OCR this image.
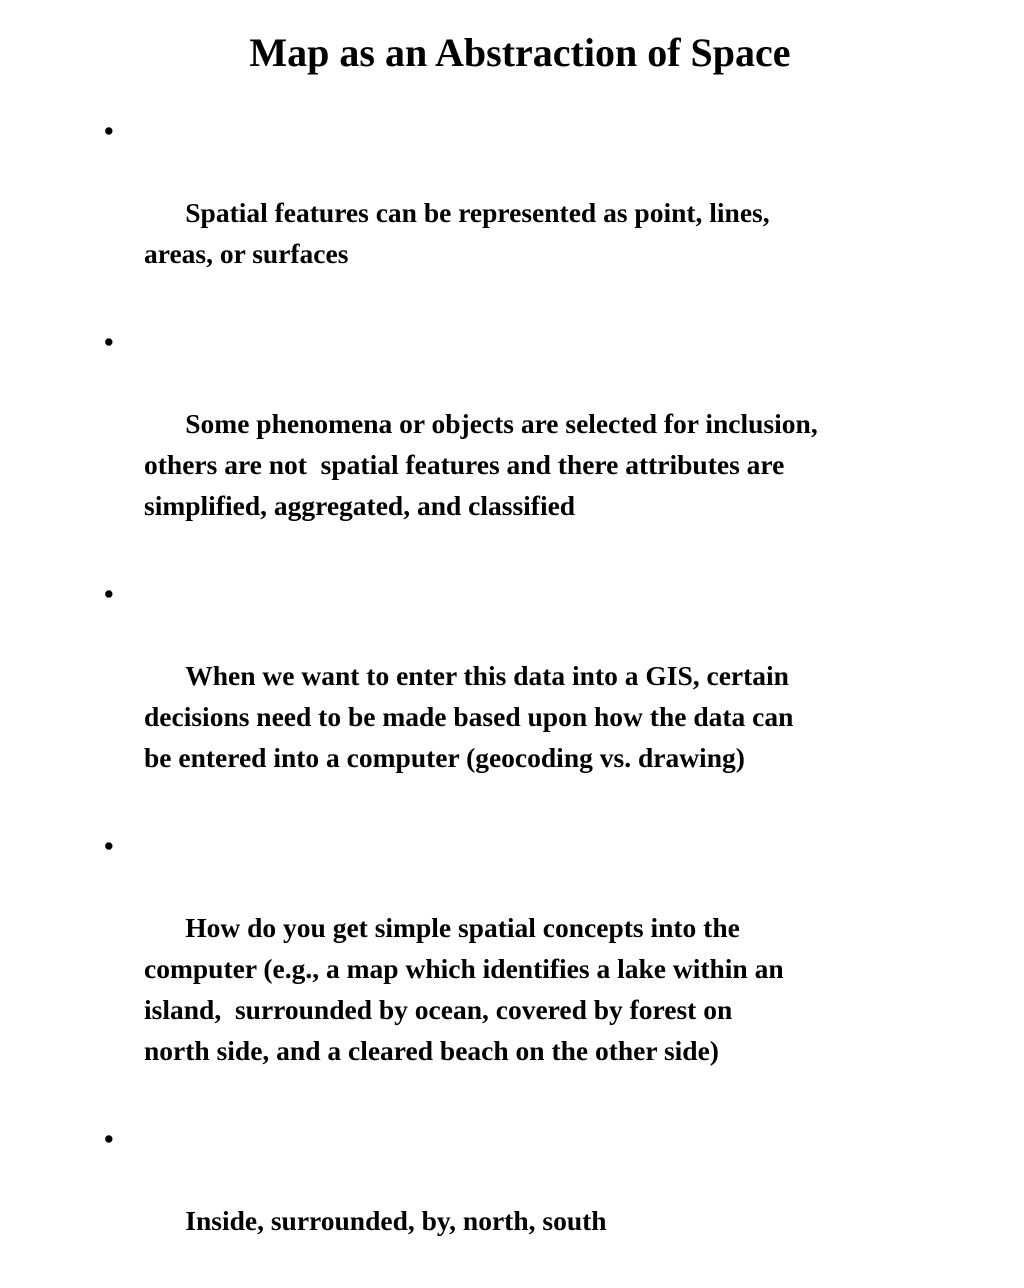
Map as an Abstraction of Space

•

Spatial features can be represented as point, lines,
areas, or surfaces

•

Some phenomena or objects are selected for inclusion,
others are not  spatial features and there attributes are
simplified, aggregated, and classified

•

When we want to enter this data into a GIS, certain
decisions need to be made based upon how the data can
be entered into a computer (geocoding vs. drawing)

•

How do you get simple spatial concepts into the
computer (e.g., a map which identifies a lake within an
island,  surrounded by ocean, covered by forest on
north side, and a cleared beach on the other side)

•

Inside, surrounded, by, north, south
